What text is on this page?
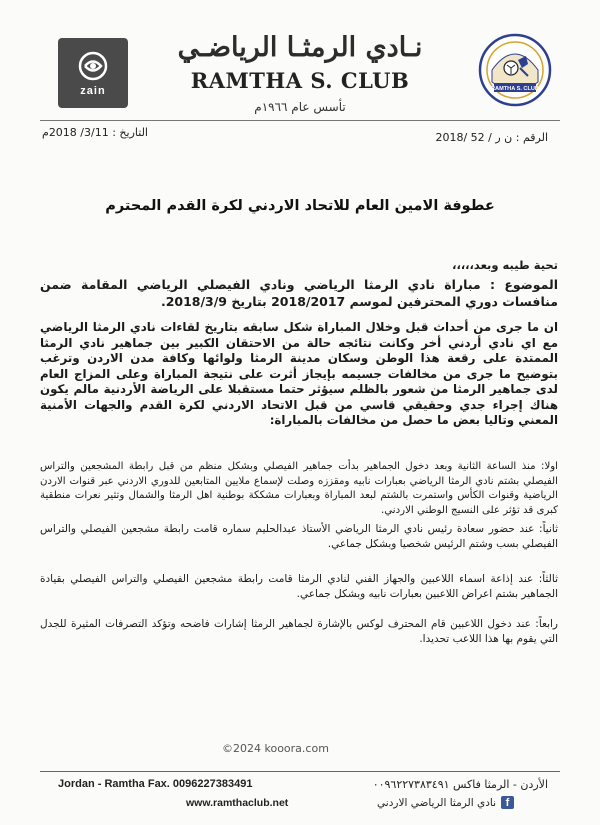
zain
نـادي الرمثـا الرياضـي
RAMTHA S. CLUB
تأسس عام ١٩٦٦م
RAMTHA S. CLUB
الرقم : ن ر / 52 /2018
التاريخ : 3/11/ 2018م
عطوفة الامين العام للاتحاد الاردني لكرة القدم المحترم
تحية طيبه وبعد،،،،،
الموضوع : مباراة نادي الرمثا الرياضي ونادي الفيصلي الرياضي المقامة ضمن منافسات دوري المحترفين لموسم 2018/2017 بتاريخ 2018/3/9.
ان ما جرى من أحداث قبل وخلال المباراة شكل سابقه بتاريخ لقاءات نادي الرمثا الرياضي مع اي نادي أردني أخر وكانت نتائجه حالة من الاحتقان الكبير بين جماهير نادي الرمثا الممتدة على رقعة هذا الوطن وسكان مدينة الرمثا ولوائها وكافة مدن الاردن وترغب بتوضيح ما جرى من مخالفات جسيمه بإيجاز أثرت على نتيجة المباراة وعلى المزاج العام لدى جماهير الرمثا من شعور بالظلم سيؤثر حتما مستقبلا على الرياضة الأردنية مالم يكون هناك إجراء جدي وحقيقي قاسي من قبل الاتحاد الاردني لكرة القدم والجهات الأمنية المعني وتاليا بعض ما حصل من مخالفات بالمباراة:
اولا: منذ الساعة الثانية وبعد دخول الجماهير بدأت جماهير الفيصلي وبشكل منظم من قبل رابطة المشجعين والتراس الفيصلي بشتم نادي الرمثا الرياضي بعبارات نابيه ومقززه وصلت لإسماع ملايين المتابعين للدوري الاردني عبر قنوات الاردن الرياضية وقنوات الكأس واستمرت بالشتم لبعد المباراة وبعبارات مشككة بوطنية اهل الرمثا والشمال وتثير نعرات منطقية كبرى قد تؤثر على النسيج الوطني الاردني.
ثانياً: عند حضور سعادة رئيس نادي الرمثا الرياضي الأستاذ عبدالحليم سماره قامت رابطة مشجعين الفيصلي والتراس الفيصلي بسب وشتم الرئيس شخصيا وبشكل جماعي.
ثالثاً: عند إذاعة اسماء اللاعبين والجهاز الفني لنادي الرمثا قامت رابطة مشجعين الفيصلي والتراس الفيصلي بقيادة الجماهير بشتم اعراض اللاعبين بعبارات نابيه وبشكل جماعي.
رابعاً: عند دخول اللاعبين قام المحترف لوكس بالإشارة لجماهير الرمثا إشارات فاضحه وتؤكد التصرفات المثيرة للجدل التي يقوم بها هذا اللاعب تحديدا.
©2024 kooora.com
Jordan - Ramtha Fax. 0096227383491
www.ramthaclub.net
الأردن - الرمثا فاكس ٠٠٩٦٢٢٧٣٨٣٤٩١
f
نادي الرمثا الرياضي الاردني
